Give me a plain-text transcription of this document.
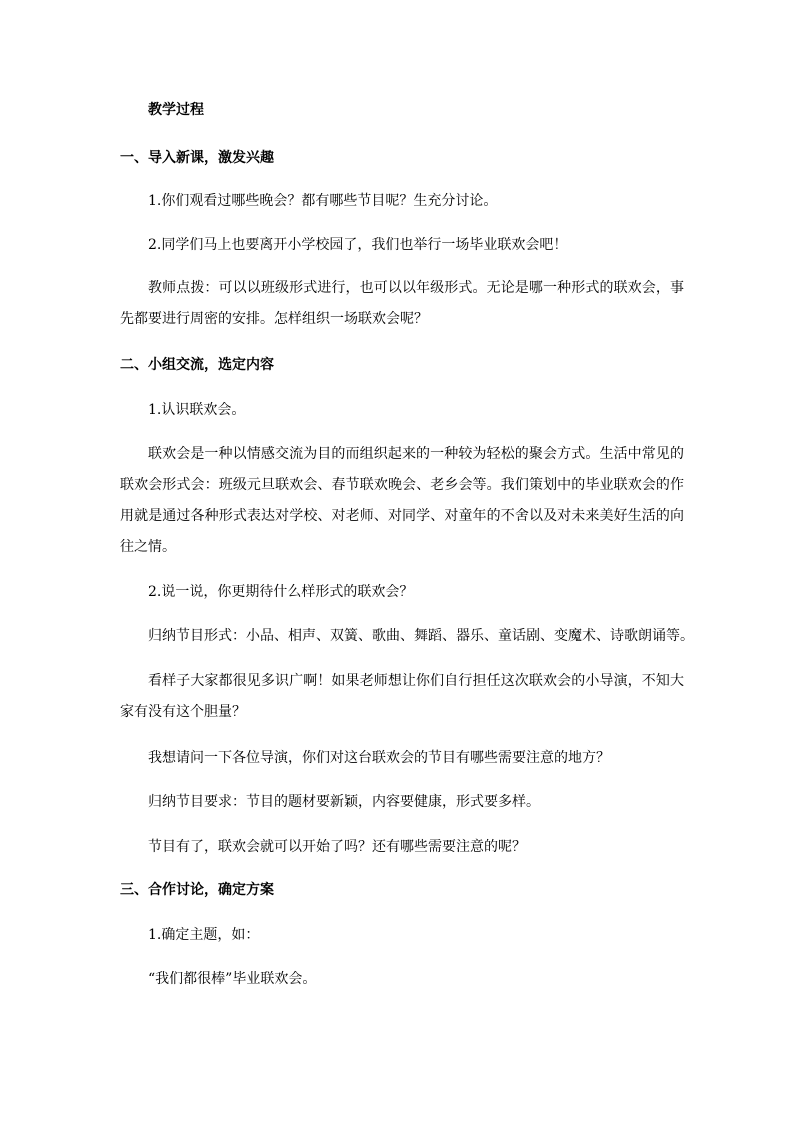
教学过程
一、导入新课，激发兴趣
1.你们观看过哪些晚会？都有哪些节目呢？生充分讨论。
2.同学们马上也要离开小学校园了，我们也举行一场毕业联欢会吧！
教师点拨：可以以班级形式进行，也可以以年级形式。无论是哪一种形式的联欢会，事
先都要进行周密的安排。怎样组织一场联欢会呢？
二、小组交流，选定内容
1.认识联欢会。
联欢会是一种以情感交流为目的而组织起来的一种较为轻松的聚会方式。生活中常见的
联欢会形式会：班级元旦联欢会、春节联欢晚会、老乡会等。我们策划中的毕业联欢会的作
用就是通过各种形式表达对学校、对老师、对同学、对童年的不舍以及对未来美好生活的向
往之情。
2.说一说，你更期待什么样形式的联欢会？
归纳节目形式：小品、相声、双簧、歌曲、舞蹈、器乐、童话剧、变魔术、诗歌朗诵等。
看样子大家都很见多识广啊！如果老师想让你们自行担任这次联欢会的小导演，不知大
家有没有这个胆量？
我想请问一下各位导演，你们对这台联欢会的节目有哪些需要注意的地方？
归纳节目要求：节目的题材要新颖，内容要健康，形式要多样。
节目有了，联欢会就可以开始了吗？还有哪些需要注意的呢？
三、合作讨论，确定方案
1.确定主题，如：
“我们都很棒”毕业联欢会。
